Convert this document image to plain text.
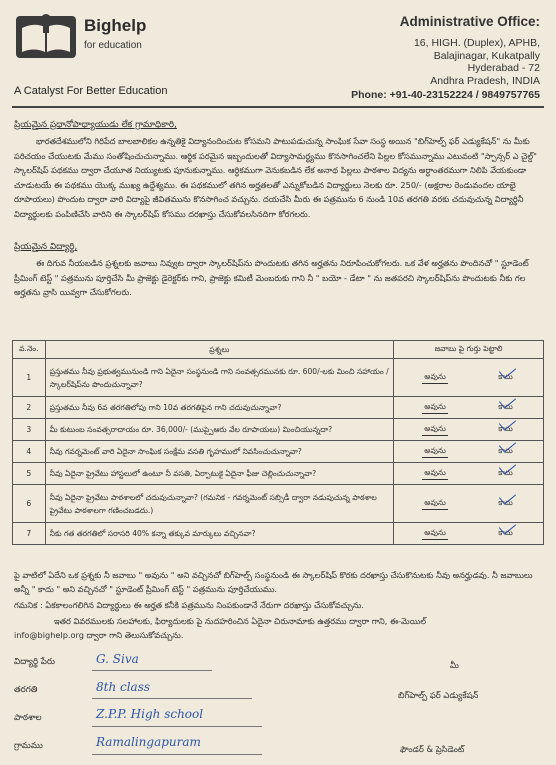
Bighelp
for education
A Catalyst For Better Education
Administrative Office:
16, HIGH. (Duplex), APHB,
Balajinagar, Kukatpally
Hyderabad - 72
Andhra Pradesh, INDIA
Phone: +91-40-23152224 / 9849757765
ప్రియమైన ప్రధానోపాధ్యాయుడు లేక గ్రామాధికారి,

భారతదేశములోని గిరిపేద బాలబాలికల ఉన్నతికై విద్యానందించుట కోసమని పాటుపడుచున్న సాంఘిక సేవా సంస్థ అయిన "బిగ్‌హెల్ప్ ఫర్ ఎడ్యుకేషన్" ను మీకు పరిచయం చేయుటకు మేము సంతోషించుచున్నాము. ఆర్థిక పరమైన ఇబ్బందులతో విద్యాసామర్థ్యము కొనసాగించలేని పిల్లల కోసమున్నాము ఎటువంటి "స్పాన్సర్ ఎ చైల్డ్" స్కాలర్‌షిప్ పథకము ద్వారా చేయూత నియ్యుటకు పూనుకున్నాము. ఆర్ధికముగా వెనుకబడిన లేక అనాథ పిల్లలు పాఠశాల విద్యను అర్ధాంతరముగా నిలిపి వేయకుండా చూడుటయే ఈ పథకము యొక్క ముఖ్య ఉద్దేశ్యము. ఈ పథకములో తగిన అర్హతలతో ఎన్నుకోబడిన విద్యార్థులు నెలకు రూ. 250/- (అక్షరాల రెండువందల యాభై రూపాయలు) పొందుట ద్వారా వారి విద్యాపై జీవితమును కొనసాగించ వచ్చును. దయచేసి మీరు ఈ పత్రమును 6 నుండి 10వ తరగతి వరకు చదువుచున్న విద్యార్థినీ విద్యార్థులకు పంపిణిచేసి వారిని ఈ స్కాలర్‌షిప్ కోసము దరఖాస్తు చేసుకోవలసినదిగా కోరగలరు.

ప్రియమైన విద్యార్థి,

ఈ దిగువ నీయబడిన ప్రశ్నలకు జవాబు నివ్వుట ద్వారా స్కాలర్‌షిప్‌ను పొందుటకు తగిన అర్హతను నిరూపించుకోగలరు. ఒక వేళ అర్హతను పొందినచో " స్టూడెంట్ ప్రీమింగ్ టెస్ట్ " పత్రమును పూర్తిచేసి మీ ప్రాజెక్టు డైరెక్టర్‌కు గాని, ప్రాజెక్టు కమిటీ మెంబరుకు గాని నీ " బయో - డేటా " ను జతపరచి స్కాలర్‌షిప్‌ను పొందుటకు నీకు గల అర్హతను వ్రాసి యివ్వగా చేసుకోగలరు.

వ.నెం.	ప్రశ్నలు	జవాబు పై గుర్తు పెట్టాలి
1	ప్రస్తుతము నీవు ప్రభుత్వమునుండి గాని ఏదైనా సంస్థనుండి గాని సంవత్సరమునకు రూ. 600/-లకు మించి సహాయం / స్కాలర్‌షిప్‌ను పొందుచున్నావా?	అవును కాదు

2	ప్రస్తుతము నీవు 6వ తరగతిలోపు గాని 10వ తరగతిపైన గాని చదువుచున్నావా?	అవును కాదు

3	మీ కుటుంబ సంవత్సరాదాయం రూ. 36,000/- (ముప్పైఆరు వేల రూపాయలు) మించియున్నదా?	అవును కాదు

4	నీవు గవర్నమెంట్ వారి ఏదైనా సాంఘిక సంక్షేమ వసతి గృహములో నివసించుచున్నావా?	అవును కాదు

5	నీవు ఏదైనా ప్రైవేటు హాస్టలులో ఉంటూ నీ వసతి, ఏర్పాటుకై ఏదైనా ఫీజు చెల్లించుచున్నావా?	అవును కాదు

6	నీవు ఏదైనా ప్రైవేటు పాఠశాలలో చదువుచున్నావా? (గమనిక - గవర్నమెంట్ సబ్సిడీ ద్వారా నడుపుచున్న పాఠశాల ప్రైవేటు పాఠశాలగా గణించబడదు.)	అవును కాదు

7	నీకు గత తరగతిలో సరాసరి 40% కన్నా తక్కువ మార్కులు వచ్చినవా?	అవును కాదు
పై వాటిలో ఏదేని ఒక ప్రశ్నకు నీ జవాబు " అవును " అని వచ్చినచో బిగ్‌హెల్ప్ సంస్థనుండి ఈ స్కాలర్‌షిప్ కొరకు దరఖాస్తు చేసుకొనుటకు నీవు అనర్హుడవు. నీ జవాబులు అన్నీ " కాదు " అని వచ్చినచో " స్టూడెంట్ ప్రీమింగ్ టెస్ట్ " పత్రమును పూర్తిచేయుము.
గమనిక : ఏకకాలంగలిగిన విద్యార్థులు ఈ అర్హత కనీకి పత్రమును నింపకుండానే నేరుగా దరఖాస్తు చేసుకోవచ్చును.
ఇతర వివరములకు సలహాలకు, ఫిర్యాదులకు పై నుదహరించిన ఏదైనా చిరునామాకు ఉత్తరము ద్వారా గాని, ఈ-మెయిల్
info@bighelp.org ద్వారా గాని తెలుసుకోవచ్చును.
విద్యార్థి పేరు	G. Siva
తరగతి	8th class
పాఠశాల	Z.P.P. High school
గ్రామము	Ramalingapuram
మీ
బిగ్‌హెల్ప్ ఫర్ ఎడ్యుకేషన్
ఫౌండర్ & ప్రెసిడెంట్
